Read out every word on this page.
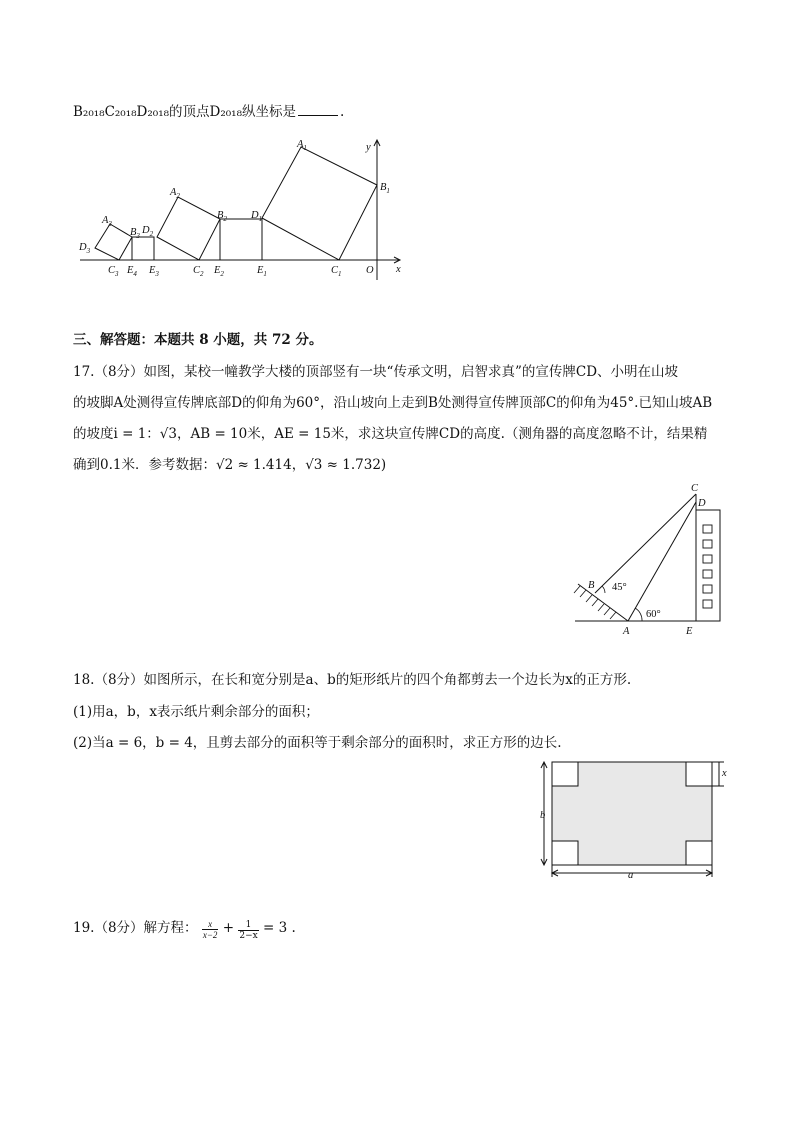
B₂₀₁₈C₂₀₁₈D₂₀₁₈的顶点D₂₀₁₈纵坐标是	.
$A_1$
$B_1$
$C_1$
$D_1$
$E_1$
$A_2$
$B_2$
$C_2$
$D_2$
$E_2$
$A_3$
$B_3$
$C_3$
$D_3$
$E_3$
$E_4$	O x
y
三、解答题：本题共 8 小题，共 72 分。
17.（8分）如图，某校一幢教学大楼的顶部竖有一块“传承文明，启智求真”的宣传牌CD、小明在山坡
的坡脚A处测得宣传牌底部D的仰角为60°，沿山坡向上走到B处测得宣传牌顶部C的仰角为45°.已知山坡AB
的坡度i = 1：√3，AB = 10米，AE = 15米，求这块宣传牌CD的高度.（测角器的高度忽略不计，结果精
确到0.1米．参考数据：√2 ≈ 1.414，√3 ≈ 1.732)
C
D
B
A	E
45°
60°
18.（8分）如图所示，在长和宽分别是a、b的矩形纸片的四个角都剪去一个边长为x的正方形.
(1)用a，b，x表示纸片剩余部分的面积；
(2)当a = 6，b = 4，且剪去部分的面积等于剩余部分的面积时，求正方形的边长.
b
a
x
19.（8分）解方程： $\frac{x}{x-2} + \frac{1}{2-x} = 3$ .
